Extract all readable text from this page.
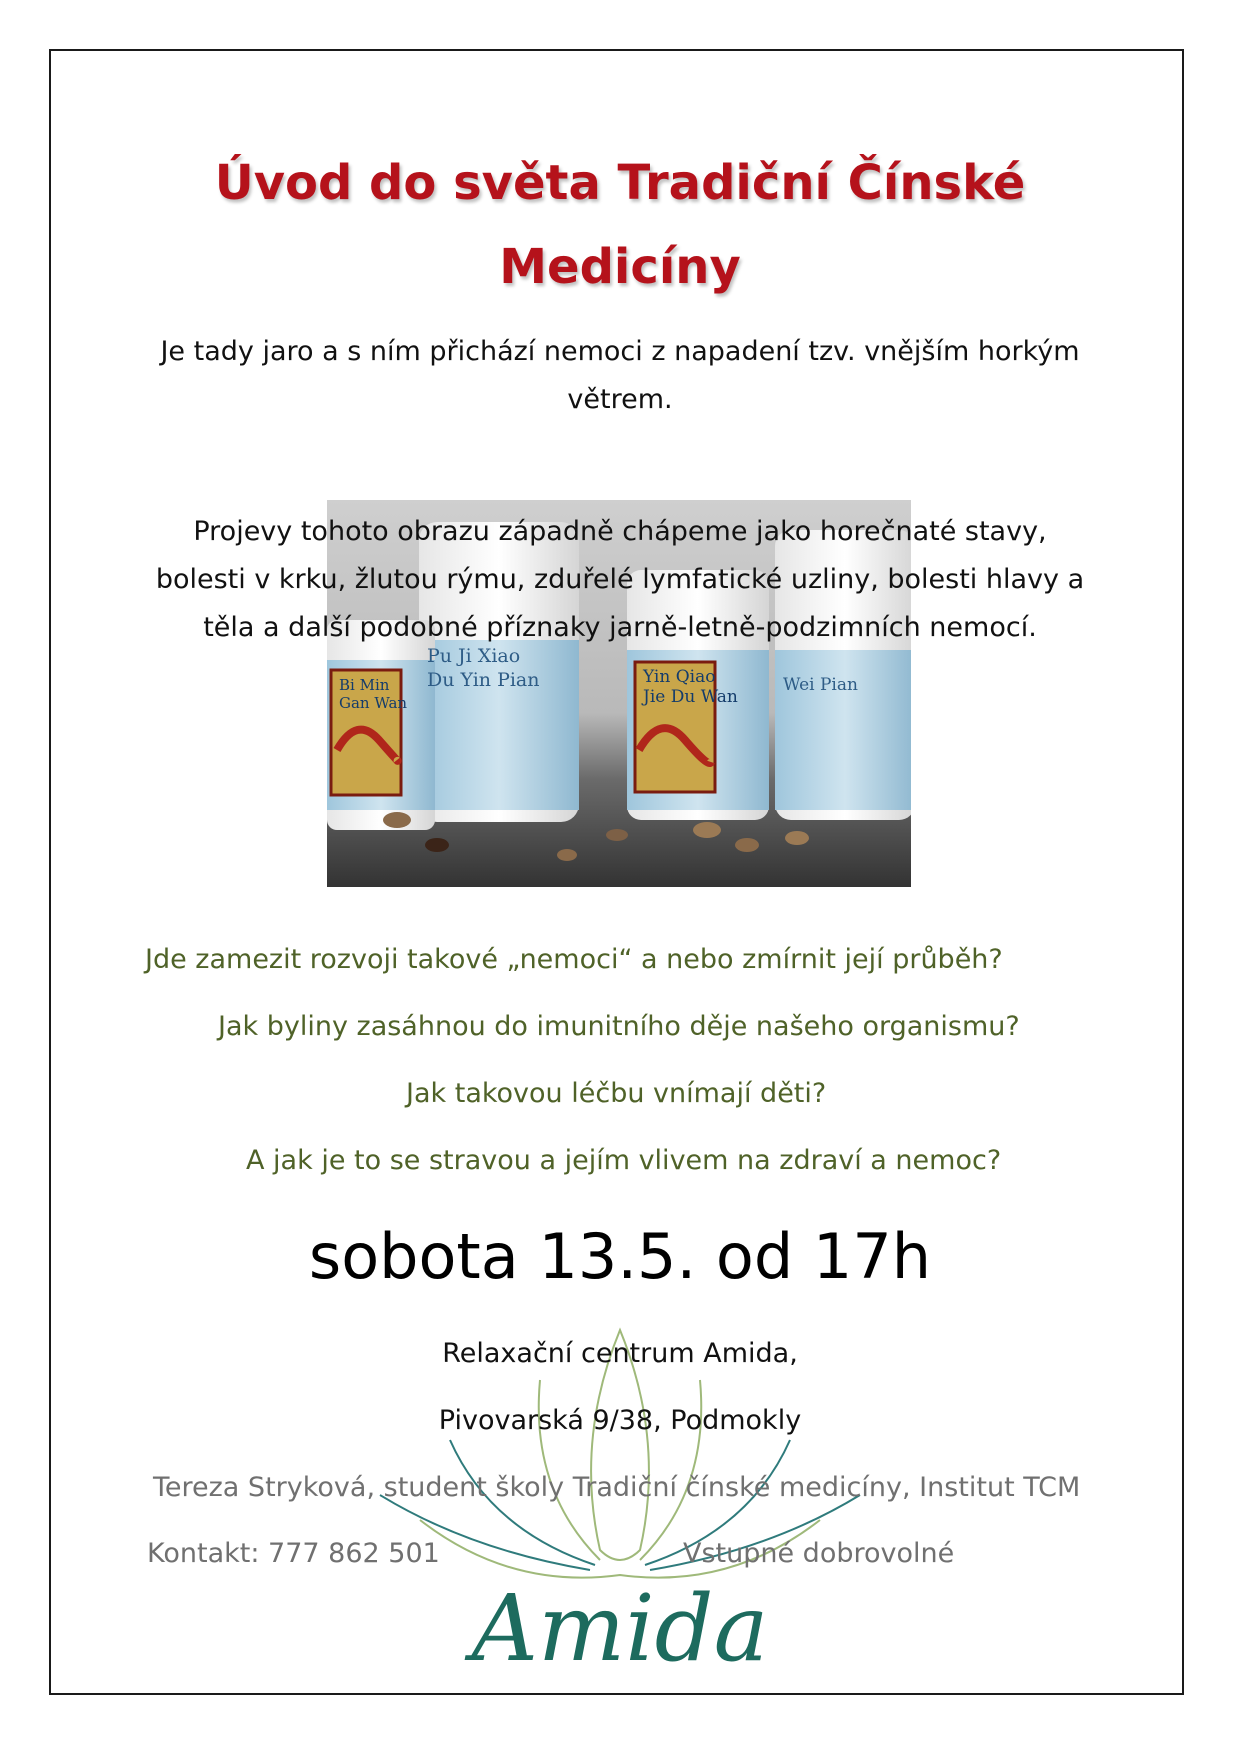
Úvod do světa Tradiční Čínské
Medicíny
Je tady jaro a s ním přichází nemoci z napadení tzv. vnějším horkým
větrem.
Bi Min
Gan Wan
Pu Ji Xiao
Du Yin Pian	Yin Qiao
Jie Du Wan
Wei Pian
Projevy tohoto obrazu západně chápeme jako horečnaté stavy,
bolesti v krku, žlutou rýmu, zduřelé lymfatické uzliny, bolesti hlavy a
těla a další podobné příznaky jarně-letně-podzimních nemocí.
Jde zamezit rozvoji takové „nemoci“ a nebo zmírnit její průběh?
Jak byliny zasáhnou do imunitního děje našeho organismu?
Jak takovou léčbu vnímají děti?
A jak je to se stravou a jejím vlivem na zdraví a nemoc?
sobota 13.5. od 17h
Amida
Relaxační centrum Amida,
Pivovarská 9/38, Podmokly
Tereza Stryková, student školy Tradiční čínské medicíny, Institut TCM
Kontakt: 777 862 501	Vstupné dobrovolné
